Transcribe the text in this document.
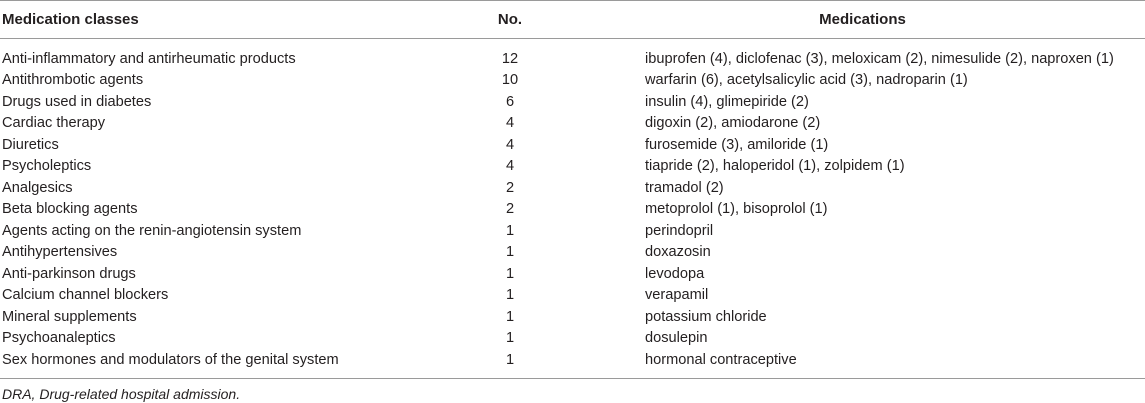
Medication classes	No.	Medications

Anti-inflammatory and antirheumatic products	12	ibuprofen (4), diclofenac (3), meloxicam (2), nimesulide (2), naproxen (1)
Antithrombotic agents	10	warfarin (6), acetylsalicylic acid (3), nadroparin (1)
Drugs used in diabetes	6	insulin (4), glimepiride (2)
Cardiac therapy	4	digoxin (2), amiodarone (2)
Diuretics	4	furosemide (3), amiloride (1)
Psycholeptics	4	tiapride (2), haloperidol (1), zolpidem (1)
Analgesics	2	tramadol (2)
Beta blocking agents	2	metoprolol (1), bisoprolol (1)
Agents acting on the renin-angiotensin system	1	perindopril
Antihypertensives	1	doxazosin
Anti-parkinson drugs	1	levodopa
Calcium channel blockers	1	verapamil
Mineral supplements	1	potassium chloride
Psychoanaleptics	1	dosulepin
Sex hormones and modulators of the genital system	1	hormonal contraceptive
DRA, Drug-related hospital admission.
